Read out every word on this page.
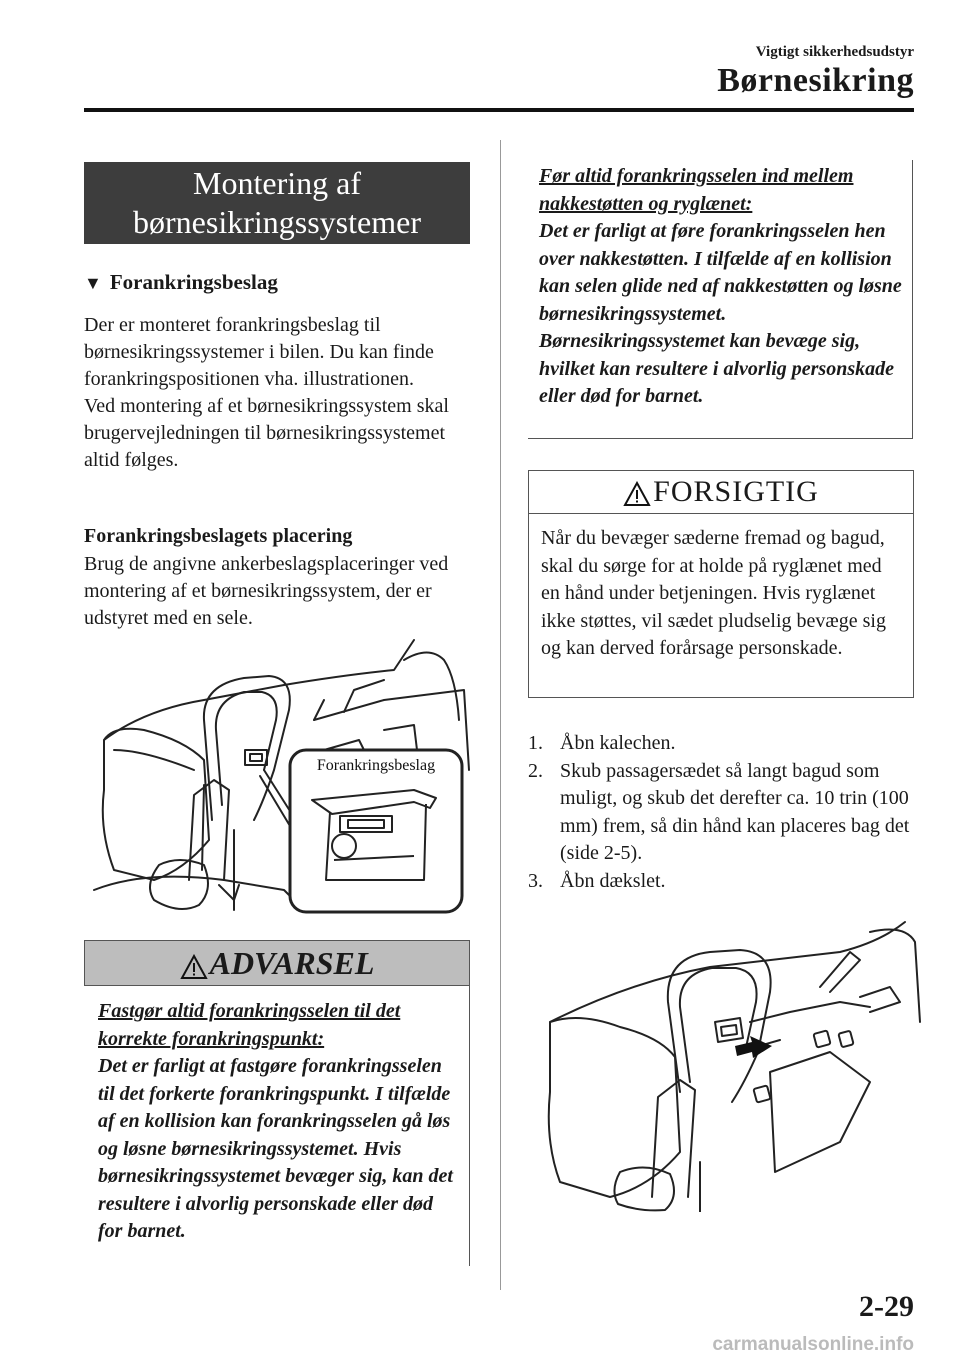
Vigtigt sikkerhedsudstyr
Børnesikring
Montering af
børnesikringssystemer
▼ Forankringsbeslag
Der er monteret forankringsbeslag til børnesikringssystemer i bilen. Du kan finde forankringspositionen vha. illustrationen.
Ved montering af et børnesikringssystem skal brugervejledningen til børnesikringssystemet altid følges.
Forankringsbeslagets placering
Brug de angivne ankerbeslagsplaceringer ved montering af et børnesikringssystem, der er udstyret med en sele.
Forankringsbeslag
ADVARSEL
Fastgør altid forankringsselen til det korrekte forankringspunkt:
Det er farligt at fastgøre forankringsselen til det forkerte forankringspunkt. I tilfælde af en kollision kan forankringsselen gå løs og løsne børnesikringssystemet. Hvis børnesikringssystemet bevæger sig, kan det resultere i alvorlig personskade eller død for barnet.
Før altid forankringsselen ind mellem nakkestøtten og ryglænet:
Det er farligt at føre forankringsselen hen over nakkestøtten. I tilfælde af en kollision kan selen glide ned af nakkestøtten og løsne børnesikringssystemet. Børnesikringssystemet kan bevæge sig, hvilket kan resultere i alvorlig personskade eller død for barnet.
FORSIGTIG
Når du bevæger sæderne fremad og bagud, skal du sørge for at holde på ryglænet med en hånd under betjeningen. Hvis ryglænet ikke støttes, vil sædet pludselig bevæge sig og kan derved forårsage personskade.
1. Åbn kalechen.
2. Skub passagersædet så langt bagud som muligt, og skub det derefter ca. 10 trin (100 mm) frem, så din hånd kan placeres bag det (side 2-5).
3. Åbn dækslet.
2-29
carmanualsonline.info
